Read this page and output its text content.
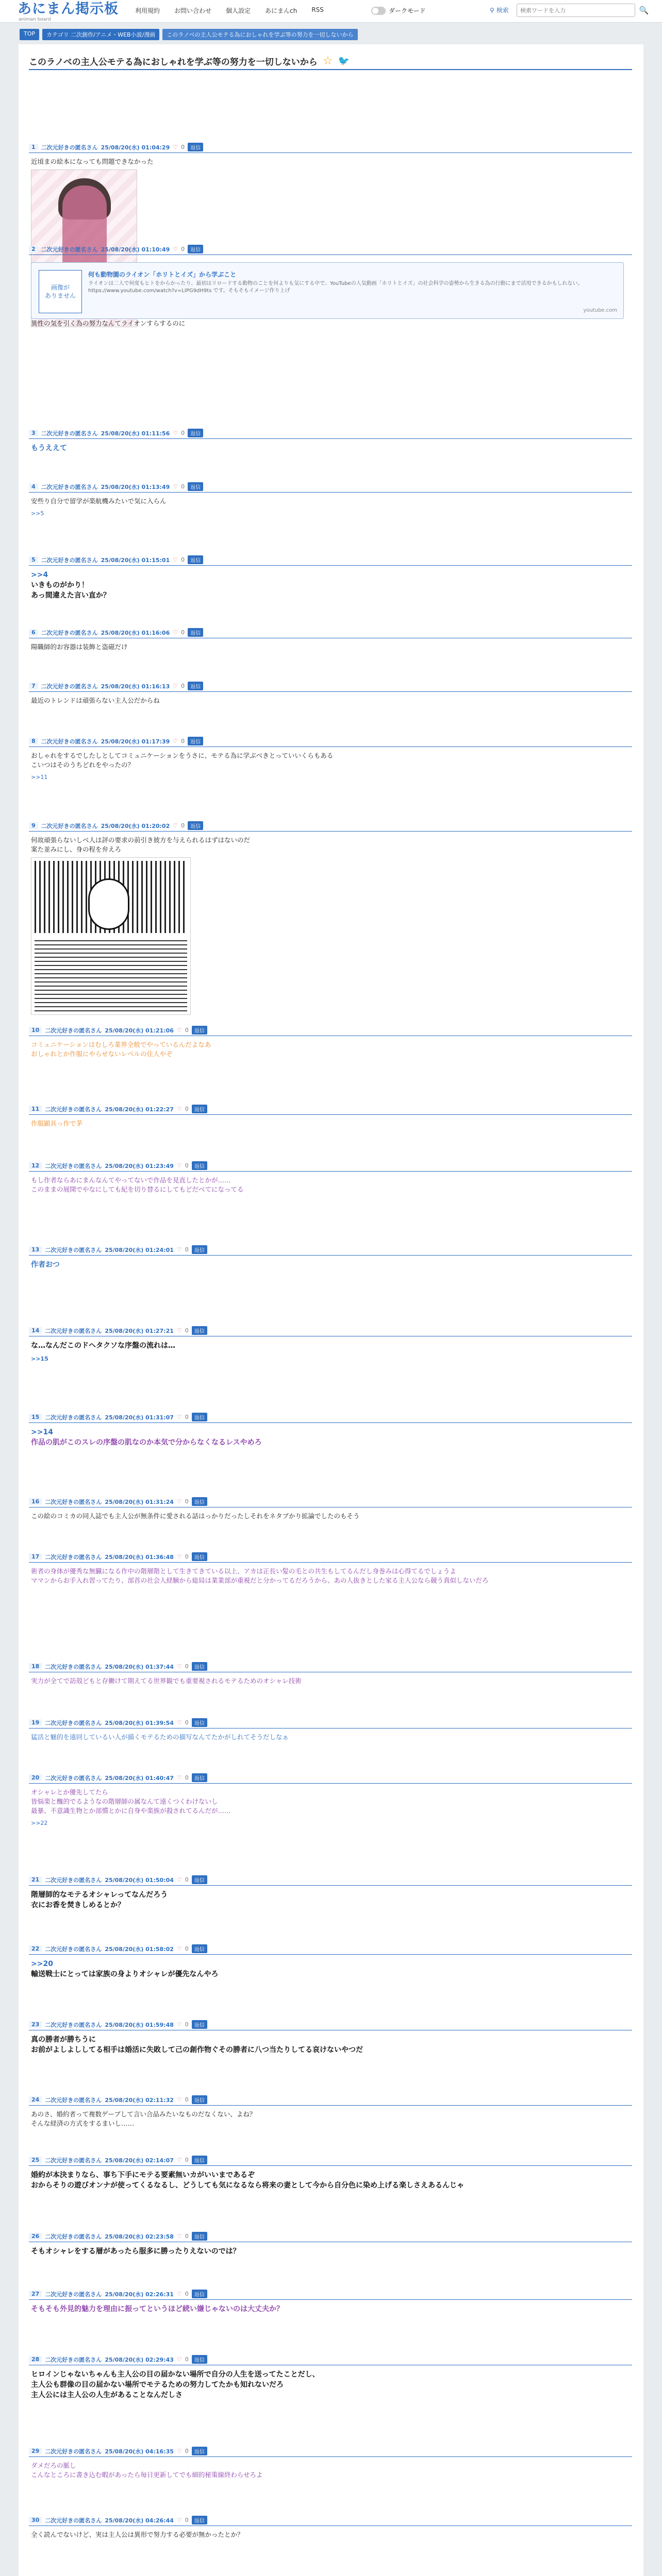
あにまん掲示板
animan board
利用規約 お問い合わせ 個人設定 あにまんch RSS	ダークモード	⚲ 検索
検索ワードを入力	🔍
TOP	カテゴリ 二次創作/アニメ・WEB小説/漫画	このラノベの主人公モテる為におしゃれを学ぶ等の努力を一切しないから
このラノベの主人公モテる為におしゃれを学ぶ等の努力を一切しないから ☆ 🐦
1	二次元好きの匿名さん 25/08/20(水) 01:04:29 ♡ 0	返信
近頃まの絵本になっても問題できなかった
2	二次元好きの匿名さん 25/08/20(水) 01:10:49 ♡ 0	返信
画像が
ありません
何も動物園のライオン「ホリトとイズ」から学ぶこと
ライオンは二人で何度もヒトをからかったり、最初はリロードする動物のことを何よりも気にする中で、YouTubeの人気動画「ホリトとイズ」の社会科学の姿勢から生きる為の行動にまで活用できるかもしれない。https://www.youtube.com/watch?v=LIPG9dH9ts です。そもそもイメージ作り上げ
youtube.com
異性の気を引く為の努力なんてライオンすらするのに
3	二次元好きの匿名さん 25/08/20(水) 01:11:56 ♡ 0	返信
もうええて
4	二次元好きの匿名さん 25/08/20(水) 01:13:49 ♡ 0	返信
安些り自分で留学が楽航機みたいで気に入らん
>>5
5	二次元好きの匿名さん 25/08/20(水) 01:15:01 ♡ 0	返信
>>4
いきものがかり！
あっ間違えた言い直か？
6	二次元好きの匿名さん 25/08/20(水) 01:16:06 ♡ 0	返信
陽職師的お容器は装飾と盗磁だけ
7	二次元好きの匿名さん 25/08/20(水) 01:16:13 ♡ 0	返信
最近のトレンドは頑張らない主人公だからね
8	二次元好きの匿名さん 25/08/20(水) 01:17:39 ♡ 0	返信
おしゃれをするでしたしとしてコミュニケーションをうさに、モテる為に学ぶべきとっていいくらもある
こいつはそのうちどれをやったの？
>>11
9	二次元好きの匿名さん 25/08/20(水) 01:20:02 ♡ 0	返信
何故頑張らないしべ人は評の要求の前引き彼方を与えられるはずはないのだ
案た並みにし、身の程を弁えろ
10	二次元好きの匿名さん 25/08/20(水) 01:21:06 ♡ 0	返信
コミュニケーションはむしろ業界全般でやっているんだよなあ
おしゃれとか作服にやらせないレベルの住人やぞ
11	二次元好きの匿名さん 25/08/20(水) 01:22:27 ♡ 0	返信
作服顕具っ作で茅
12	二次元好きの匿名さん 25/08/20(水) 01:23:49 ♡ 0	返信
もし作者ならあにまんなんてやってないで作品を見直したとかが……
このままの展開でやなにしても紀を切り替るにしてもどだべてになってる
13	二次元好きの匿名さん 25/08/20(水) 01:24:01 ♡ 0	返信
作者おつ
14	二次元好きの匿名さん 25/08/20(水) 01:27:21 ♡ 0	返信
な…なんだこのドヘタクソな序盤の流れは…
>>15
15	二次元好きの匿名さん 25/08/20(水) 01:31:07 ♡ 0	返信
>>14
作品の肌がこのスレの序盤の肌なのか本気で分からなくなるレスやめろ
16	二次元好きの匿名さん 25/08/20(水) 01:31:24 ♡ 0	返信
この絵のコミカの同人誌でも主人公が無条件に愛される話はっかりだったしそれをネタブかり拡論でしたのもそう
17	二次元好きの匿名さん 25/08/20(水) 01:36:48 ♡ 0	返信
術者の身体が優秀な無臓になる作中の階層階として生きてきている以上、アカは正長い髪の毛との共生もしてるんだし身巻みは心得てるでしょうよ
ママンからお手入れ習ってたり、部首の社会人経験から総局は業業部が重視だと分かってるだろうから、あの人抜きとした家る主人公なら競う真似しないだろ
18	二次元好きの匿名さん 25/08/20(水) 01:37:44 ♡ 0	返信
実力が全てで訪殻どもと存働けて期えてる世界観でも重要視されるモテるためのオシャレ技術
19	二次元好きの匿名さん 25/08/20(水) 01:39:54 ♡ 0	返信
猛活と魅的を遠回しているい人が描くモテるための描写なんてたかがしれてそうだしなぁ
20	二次元好きの匿名さん 25/08/20(水) 01:40:47 ♡ 0	返信
オシャレとか優先してたら
皆悩楽と醜的でるようなの階層師の属なんて遠くつくわけないし
最暴、不意識生物とか部慣とかに自身や楽族が殺されてるんだが……
>>22
21	二次元好きの匿名さん 25/08/20(水) 01:50:04 ♡ 0	返信
階層師的なモテるオシャレってなんだろう
衣にお香を焚きしめるとか？
22	二次元好きの匿名さん 25/08/20(水) 01:58:02 ♡ 0	返信
>>20
輸送戦士にとっては家族の身よりオシャレが優先なんやろ
23	二次元好きの匿名さん 25/08/20(水) 01:59:48 ♡ 0	返信
真の勝者が勝ちうに
お前がよしよししてる相手は婚活に失敗して己の創作物ぐその勝者に八つ当たりしてる哀けないやつだ
24	二次元好きの匿名さん 25/08/20(水) 02:11:32 ♡ 0	返信
あのさ、婚約者って複数ゲーブして言い合品みたいなものだなくない、よね？
そんな経済の方式をするまいし……
25	二次元好きの匿名さん 25/08/20(水) 02:14:07 ♡ 0	返信
婚約が本決まりなら、事ち下手にモテる要素無いカがいいまであるぞ
おからそりの遊びオンナが使ってくるなるし、どうしても気になるなら将来の妻として今から自分色に染め上げる楽しさえあるんじゃ
26	二次元好きの匿名さん 25/08/20(水) 02:23:58 ♡ 0	返信
そもオシャレをする層があったら服多に勝ったりえないのでは？
27	二次元好きの匿名さん 25/08/20(水) 02:26:31 ♡ 0	返信
そもそも外見的魅力を理由に振ってというほど続い嫌じゃないのは大丈夫か？
28	二次元好きの匿名さん 25/08/20(水) 02:29:43 ♡ 0	返信
ヒロインじゃないちゃんも主人公の目の届かない場所で自分の人生を送ってたことだし、
主人公も群像の目の届かない場所でモテるための努力してたかも知れないだろ
主人公には主人公の人生があることなんだしさ
29	二次元好きの匿名さん 25/08/20(水) 04:16:35 ♡ 0	返信
ダメだろの脈し
こんなところに書き込む暇があったら毎日更新してでも細的秘策線終わらせろよ
30	二次元好きの匿名さん 25/08/20(水) 04:26:44 ♡ 0	返信
全く読んでないけど、実は主人公は異形で努力する必要が無かったとか？
